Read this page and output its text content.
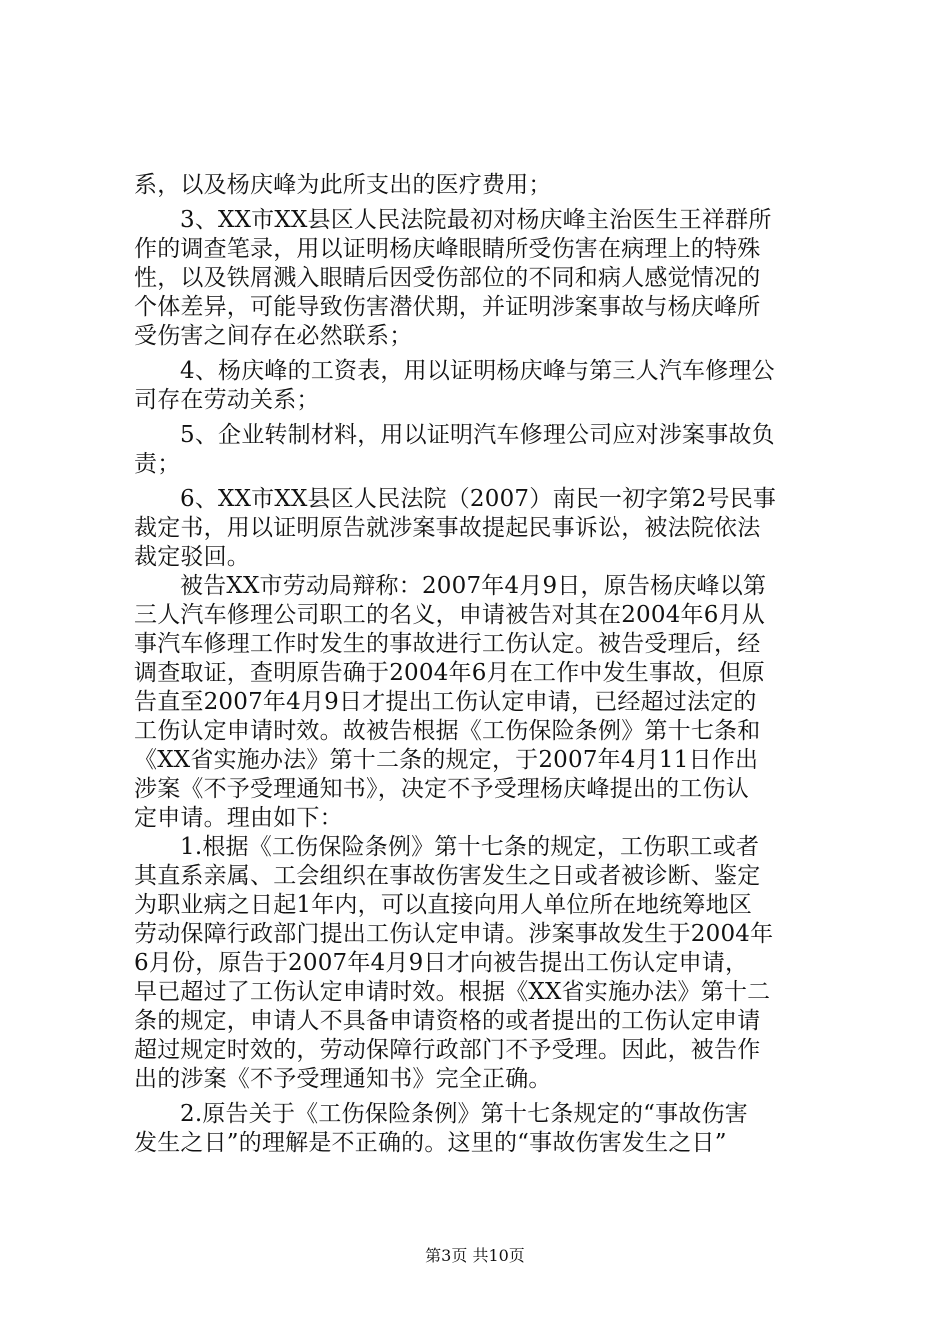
系，以及杨庆峰为此所支出的医疗费用；
3、XX市XX县区人民法院最初对杨庆峰主治医生王祥群所
作的调查笔录，用以证明杨庆峰眼睛所受伤害在病理上的特殊
性，以及铁屑溅入眼睛后因受伤部位的不同和病人感觉情况的
个体差异，可能导致伤害潜伏期，并证明涉案事故与杨庆峰所
受伤害之间存在必然联系；
4、杨庆峰的工资表，用以证明杨庆峰与第三人汽车修理公
司存在劳动关系；
5、企业转制材料，用以证明汽车修理公司应对涉案事故负
责；
6、XX市XX县区人民法院（2007）南民一初字第2号民事
裁定书，用以证明原告就涉案事故提起民事诉讼，被法院依法
裁定驳回。
被告XX市劳动局辩称：2007年4月9日，原告杨庆峰以第
三人汽车修理公司职工的名义，申请被告对其在2004年6月从
事汽车修理工作时发生的事故进行工伤认定。被告受理后，经
调查取证，查明原告确于2004年6月在工作中发生事故，但原
告直至2007年4月9日才提出工伤认定申请，已经超过法定的
工伤认定申请时效。故被告根据《工伤保险条例》第十七条和
《XX省实施办法》第十二条的规定，于2007年4月11日作出
涉案《不予受理通知书》，决定不予受理杨庆峰提出的工伤认
定申请。理由如下：
1.根据《工伤保险条例》第十七条的规定，工伤职工或者
其直系亲属、工会组织在事故伤害发生之日或者被诊断、鉴定
为职业病之日起1年内，可以直接向用人单位所在地统筹地区
劳动保障行政部门提出工伤认定申请。涉案事故发生于2004年
6月份，原告于2007年4月9日才向被告提出工伤认定申请，
早已超过了工伤认定申请时效。根据《XX省实施办法》第十二
条的规定，申请人不具备申请资格的或者提出的工伤认定申请
超过规定时效的，劳动保障行政部门不予受理。因此，被告作
出的涉案《不予受理通知书》完全正确。
2.原告关于《工伤保险条例》第十七条规定的“事故伤害
发生之日”的理解是不正确的。这里的“事故伤害发生之日”
第3页 共10页
